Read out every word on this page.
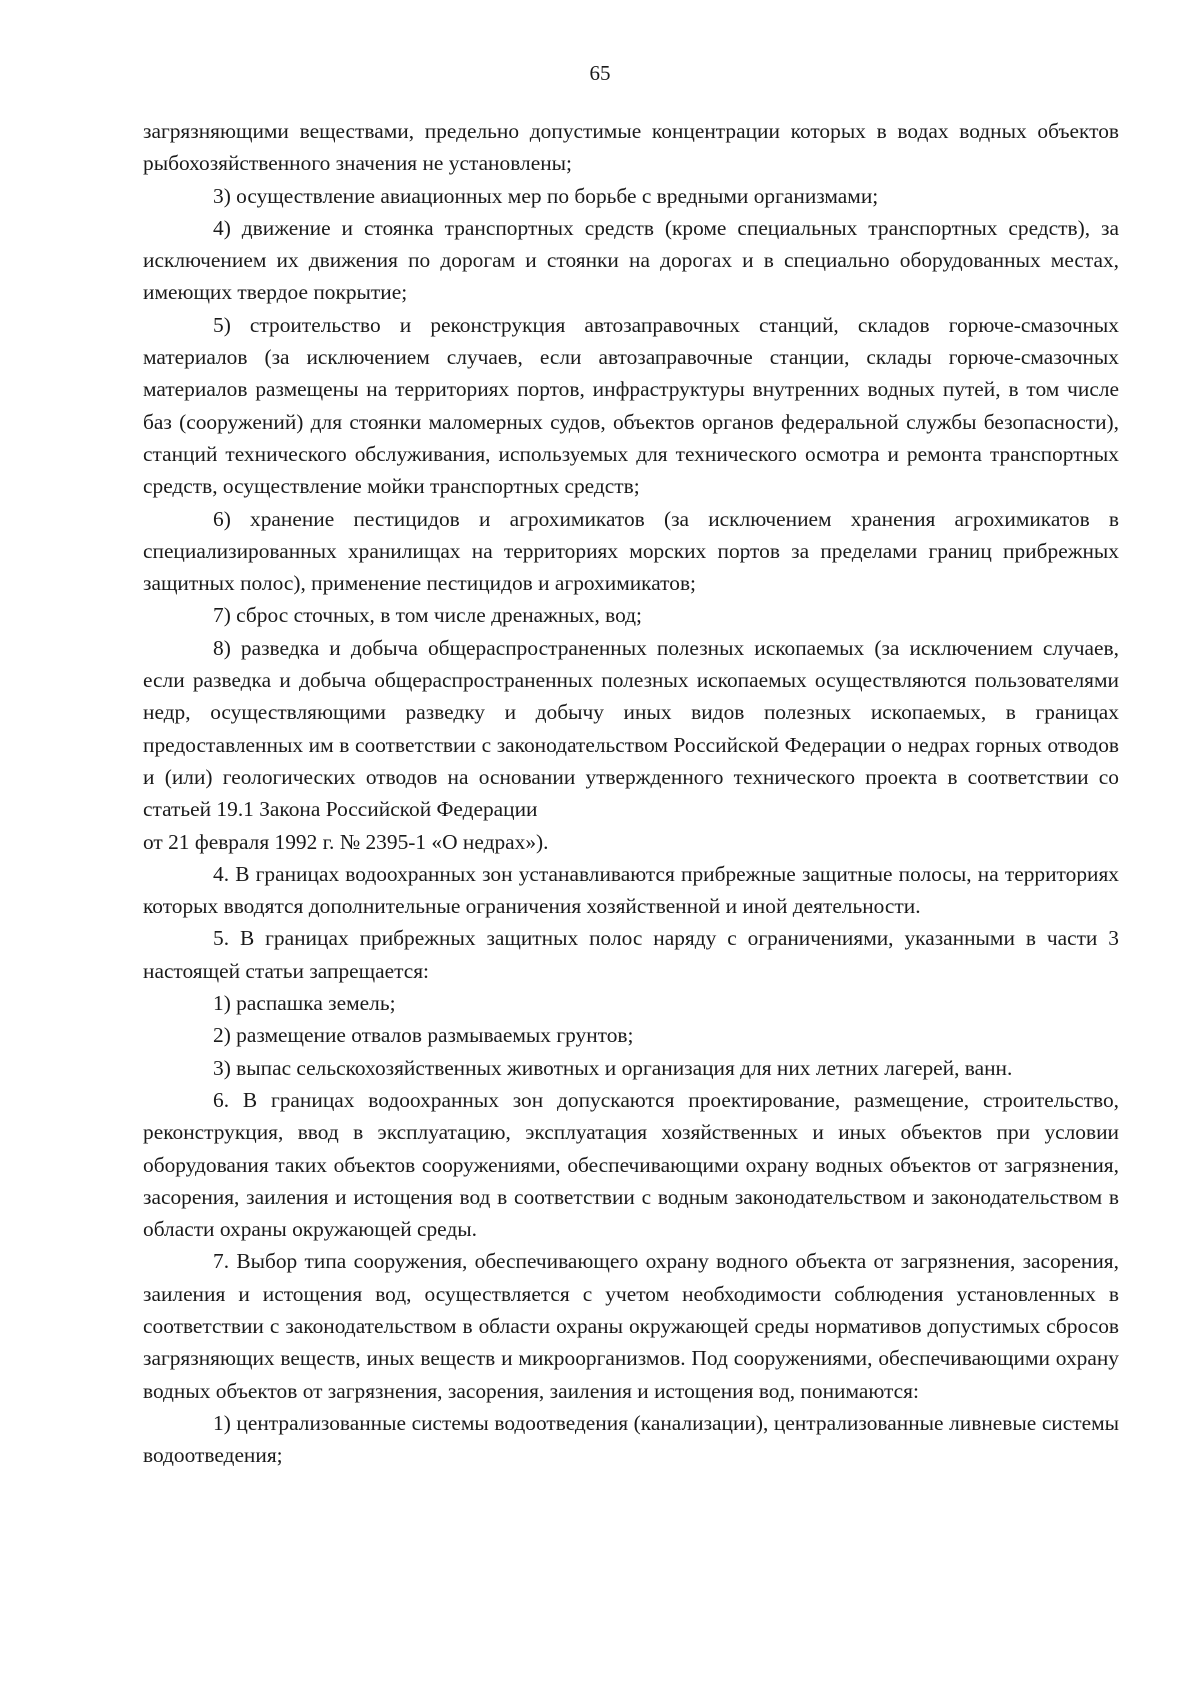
65

загрязняющими веществами, предельно допустимые концентрации которых в водах водных объектов рыбохозяйственного значения не установлены;

3) осуществление авиационных мер по борьбе с вредными организмами;

4) движение и стоянка транспортных средств (кроме специальных транспортных средств), за исключением их движения по дорогам и стоянки на дорогах и в специально оборудованных местах, имеющих твердое покрытие;

5) строительство и реконструкция автозаправочных станций, складов горюче-смазочных материалов (за исключением случаев, если автозаправочные станции, склады горюче-смазочных материалов размещены на территориях портов, инфраструктуры внутренних водных путей, в том числе баз (сооружений) для стоянки маломерных судов, объектов органов федеральной службы безопасности), станций технического обслуживания, используемых для технического осмотра и ремонта транспортных средств, осуществление мойки транспортных средств;

6) хранение пестицидов и агрохимикатов (за исключением хранения агрохимикатов в специализированных хранилищах на территориях морских портов за пределами границ прибрежных защитных полос), применение пестицидов и агрохимикатов;

7) сброс сточных, в том числе дренажных, вод;

8) разведка и добыча общераспространенных полезных ископаемых (за исключением случаев, если разведка и добыча общераспространенных полезных ископаемых осуществляются пользователями недр, осуществляющими разведку и добычу иных видов полезных ископаемых, в границах предоставленных им в соответствии с законодательством Российской Федерации о недрах горных отводов и (или) геологических отводов на основании утвержденного технического проекта в соответствии со статьей 19.1 Закона Российской Федерации

от 21 февраля 1992 г. № 2395-1 «О недрах»).

4. В границах водоохранных зон устанавливаются прибрежные защитные полосы, на территориях которых вводятся дополнительные ограничения хозяйственной и иной деятельности.

5. В границах прибрежных защитных полос наряду с ограничениями, указанными в части 3 настоящей статьи запрещается:

1) распашка земель;

2) размещение отвалов размываемых грунтов;

3) выпас сельскохозяйственных животных и организация для них летних лагерей, ванн.

6. В границах водоохранных зон допускаются проектирование, размещение, строительство, реконструкция, ввод в эксплуатацию, эксплуатация хозяйственных и иных объектов при условии оборудования таких объектов сооружениями, обеспечивающими охрану водных объектов от загрязнения, засорения, заиления и истощения вод в соответствии с водным законодательством и законодательством в области охраны окружающей среды.

7. Выбор типа сооружения, обеспечивающего охрану водного объекта от загрязнения, засорения, заиления и истощения вод, осуществляется с учетом необходимости соблюдения установленных в соответствии с законодательством в области охраны окружающей среды нормативов допустимых сбросов загрязняющих веществ, иных веществ и микроорганизмов. Под сооружениями, обеспечивающими охрану водных объектов от загрязнения, засорения, заиления и истощения вод, понимаются:

1) централизованные системы водоотведения (канализации), централизованные ливневые системы водоотведения;
